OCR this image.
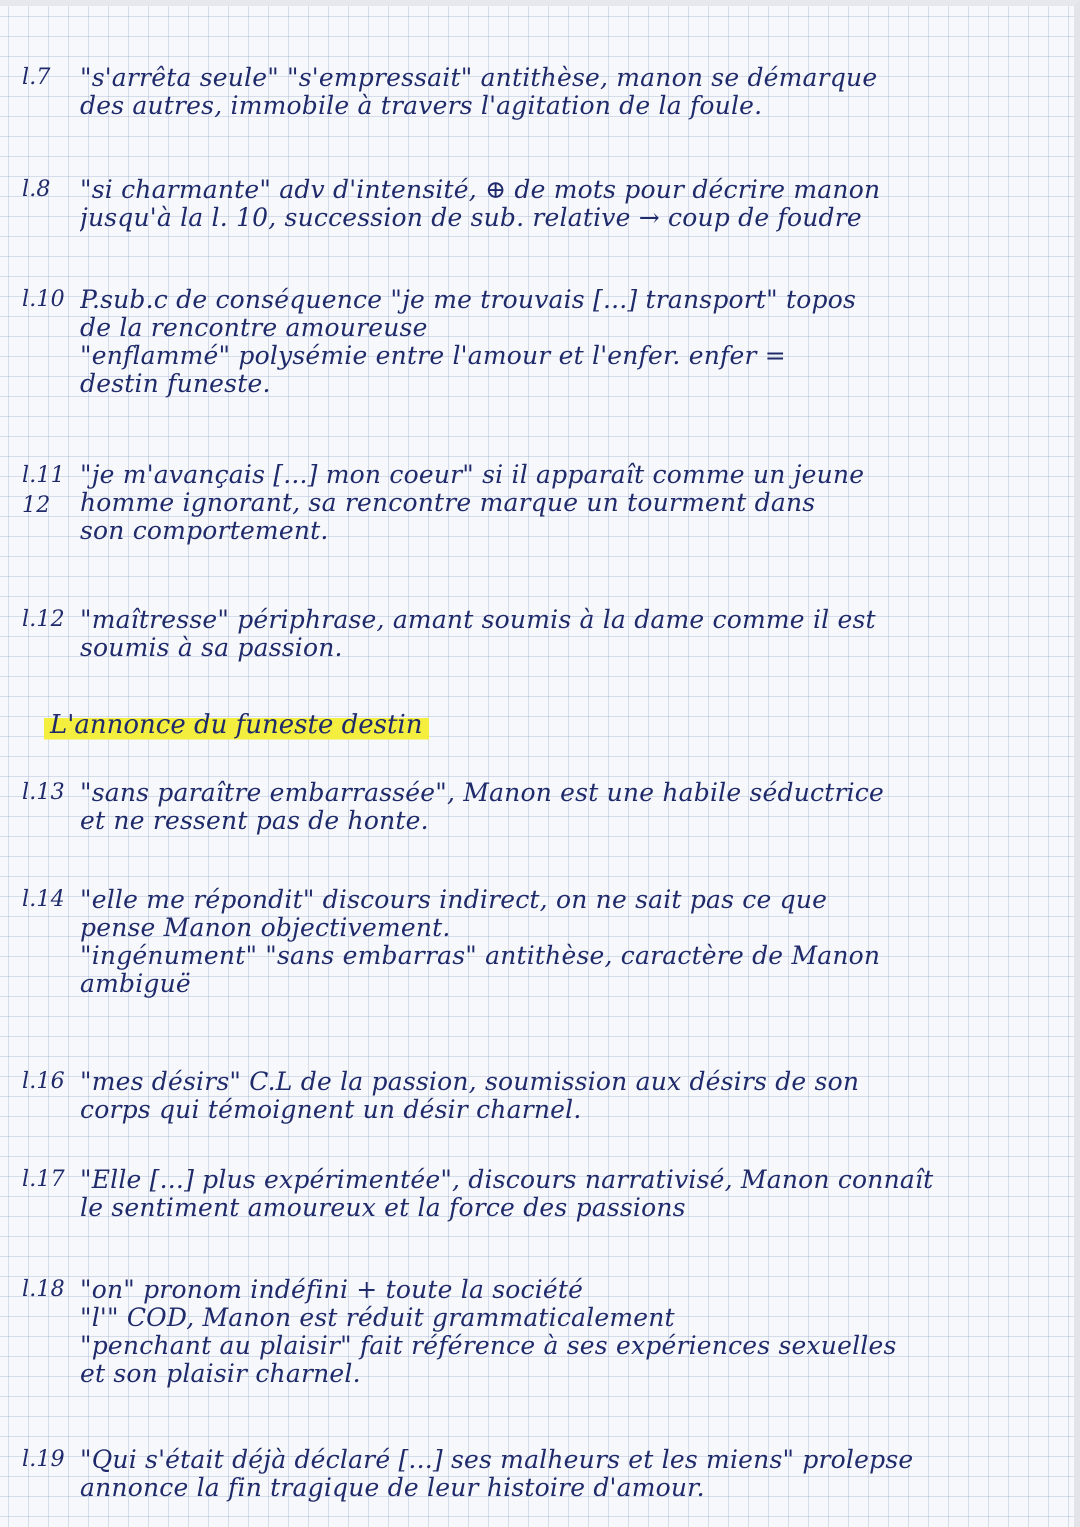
l.7	"s'arrêta seule" "s'empressait" antithèse, manon se démarque
des autres, immobile à travers l'agitation de la foule.
l.8	"si charmante" adv d'intensité, ⊕ de mots pour décrire manon
jusqu'à la l. 10, succession de sub. relative → coup de foudre
l.10 P.sub.c de conséquence "je me trouvais [...] transport" topos
de la rencontre amoureuse
"enflammé" polysémie entre l'amour et l'enfer. enfer =
destin funeste.
l.11 12
"je m'avançais [...] mon coeur" si il apparaît comme un jeune
homme ignorant, sa rencontre marque un tourment dans
son comportement.
l.12 "maîtresse" périphrase, amant soumis à la dame comme il est
soumis à sa passion.
L'annonce du funeste destin
l.13 "sans paraître embarrassée", Manon est une habile séductrice
et ne ressent pas de honte.
l.14 "elle me répondit" discours indirect, on ne sait pas ce que
pense Manon objectivement.
"ingénument" "sans embarras" antithèse, caractère de Manon
ambiguë
l.16 "mes désirs" C.L de la passion, soumission aux désirs de son
corps qui témoignent un désir charnel.
l.17 "Elle [...] plus expérimentée", discours narrativisé, Manon connaît
le sentiment amoureux et la force des passions
l.18 "on" pronom indéfini + toute la société
"l'" COD, Manon est réduit grammaticalement
"penchant au plaisir" fait référence à ses expériences sexuelles
et son plaisir charnel.
l.19 "Qui s'était déjà déclaré [...] ses malheurs et les miens" prolepse
annonce la fin tragique de leur histoire d'amour.
